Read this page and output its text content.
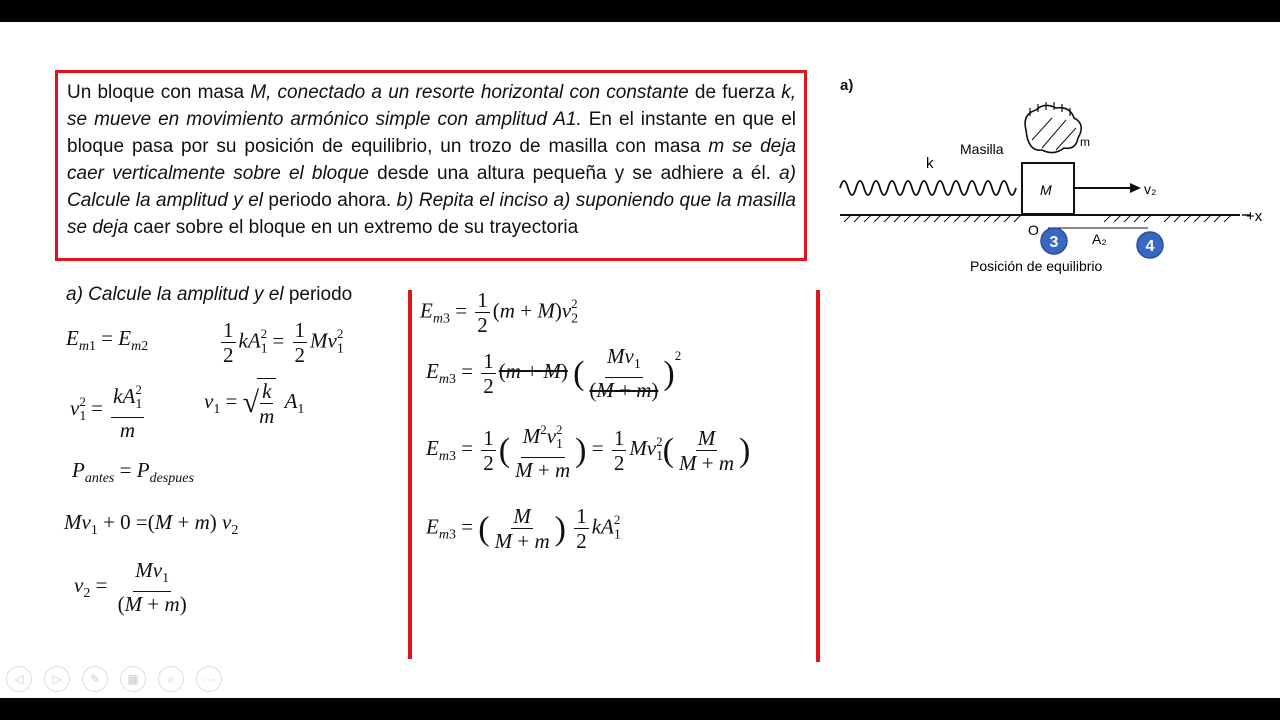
Un bloque con masa M, conectado a un resorte horizontal con constante de fuerza k, se mueve en movimiento armónico simple con amplitud A1. En el instante en que el bloque pasa por su posición de equilibrio, un trozo de masilla con masa m se deja caer verticalmente sobre el bloque desde una altura pequeña y se adhiere a él. a) Calcule la amplitud y el periodo ahora. b) Repita el inciso a) suponiendo que la masilla se deja caer sobre el bloque en un extremo de su trayectoria
a)
M
Masilla	m
k
v₂
+x
O
A₂
3	4
Posición de equilibrio
a) Calcule la amplitud y el periodo
$E_{m1} = E_{m2}$	$\frac{1}{2} kA_1^2 = \frac{1}{2} Mv_1^2$
$v_1^2 = \frac{kA_1^2}{m}$	$v_1$ = √
$\frac{k}{m} A_1$
$P_{antes} = P_{despues}$
$Mv_1 + 0 =(M + m)$ $v_2$
$v_2 = \frac{Mv_1}{(M + m)}$
$E_{m3} = \frac{1}{2} (m + M)v_2^2$
$E_{m3} = \frac{1}{2} (m + M)$ ( $\frac{Mv_1}{(M + m)} )^2$
$E_{m3} = \frac{1}{2}$ ( $\frac{M^2v_1^2}{M + m}$ ) = $\frac{1}{2} Mv_1^2( \frac{M}{M + m}$ )
$E_{m3}$ = ( $\frac{M}{M + m}$ ) $\frac{1}{2} kA_1^2$
◁	▷	✎	▦	⌕	···
